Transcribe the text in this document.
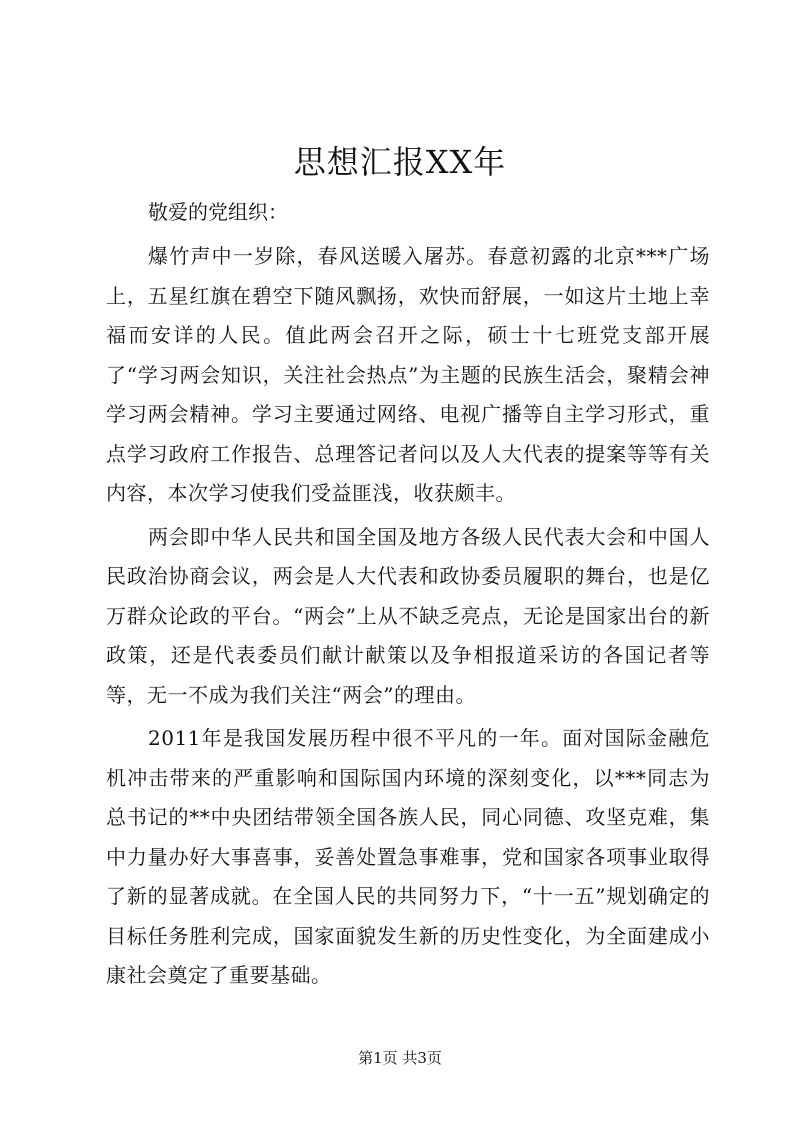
思想汇报XX年

敬爱的党组织：

爆竹声中一岁除，春风送暖入屠苏。春意初露的北京***广场上，五星红旗在碧空下随风飘扬，欢快而舒展，一如这片土地上幸福而安详的人民。值此两会召开之际，硕士十七班党支部开展了“学习两会知识，关注社会热点”为主题的民族生活会，聚精会神学习两会精神。学习主要通过网络、电视广播等自主学习形式，重点学习政府工作报告、总理答记者问以及人大代表的提案等等有关内容，本次学习使我们受益匪浅，收获颇丰。

两会即中华人民共和国全国及地方各级人民代表大会和中国人民政治协商会议，两会是人大代表和政协委员履职的舞台，也是亿万群众论政的平台。“两会”上从不缺乏亮点，无论是国家出台的新政策，还是代表委员们献计献策以及争相报道采访的各国记者等等，无一不成为我们关注“两会”的理由。

2011年是我国发展历程中很不平凡的一年。面对国际金融危机冲击带来的严重影响和国际国内环境的深刻变化，以***同志为总书记的**中央团结带领全国各族人民，同心同德、攻坚克难，集中力量办好大事喜事，妥善处置急事难事，党和国家各项事业取得了新的显著成就。在全国人民的共同努力下，“十一五”规划确定的目标任务胜利完成，国家面貌发生新的历史性变化，为全面建成小康社会奠定了重要基础。

第1页 共3页
